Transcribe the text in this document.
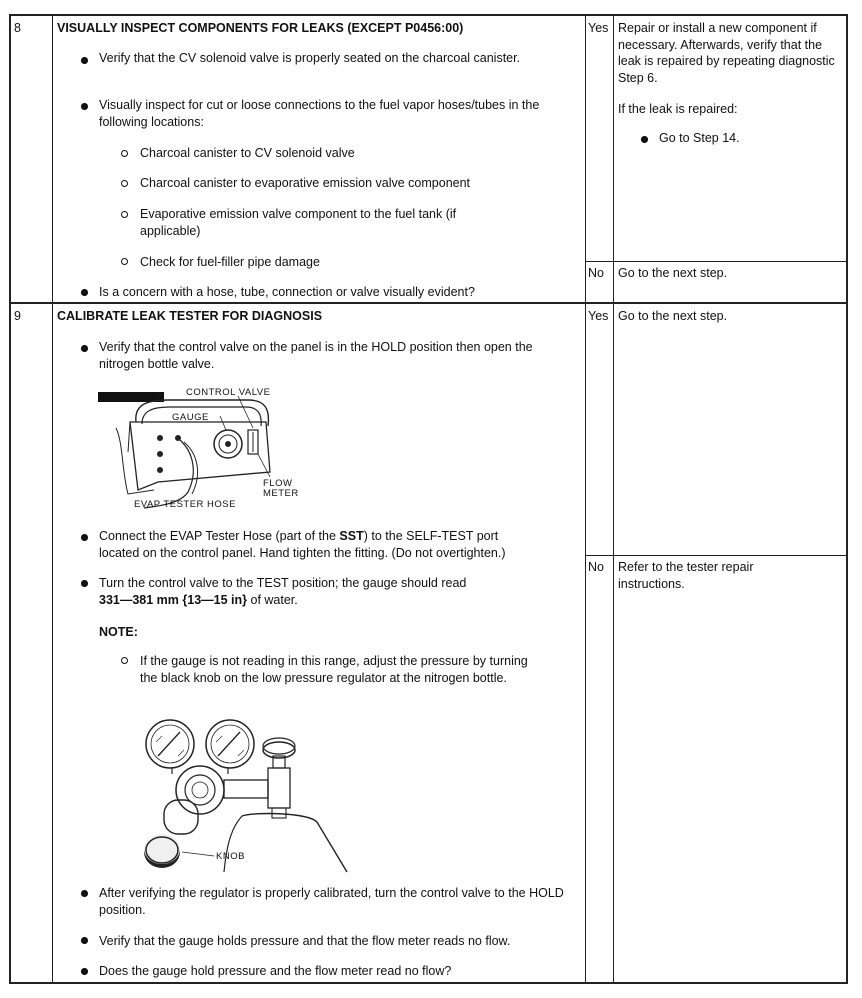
8	VISUALLY INSPECT COMPONENTS FOR LEAKS (EXCEPT P0456:00)
Verify that the CV solenoid valve is properly seated on the charcoal canister.
Visually inspect for cut or loose connections to the fuel vapor hoses/tubes in the following locations:
Charcoal canister to CV solenoid valve
Charcoal canister to evaporative emission valve component
Evaporative emission valve component to the fuel tank (if applicable)
Check for fuel-filler pipe damage
Is a concern with a hose, tube, connection or valve visually evident?
Yes Repair or install a new component if necessary. Afterwards, verify that the leak is repaired by repeating diagnostic Step 6.
If the leak is repaired:
Go to Step 14.
No Go to the next step.
9	CALIBRATE LEAK TESTER FOR DIAGNOSIS
Verify that the control valve on the panel is in the HOLD position then open the nitrogen bottle valve.
CONTROL VALVE
GAUGE
FLOW
METER
EVAP TESTER HOSE
Connect the EVAP Tester Hose (part of the SST) to the SELF-TEST port
located on the control panel. Hand tighten the fitting. (Do not overtighten.)
Turn the control valve to the TEST position; the gauge should read
331—381 mm {13—15 in} of water.
NOTE:
If the gauge is not reading in this range, adjust the pressure by turning the black knob on the low pressure regulator at the nitrogen bottle.
KNOB
After verifying the regulator is properly calibrated, turn the control valve to the HOLD position.
Verify that the gauge holds pressure and that the flow meter reads no flow.
Does the gauge hold pressure and the flow meter read no flow?
Yes Go to the next step.
No Refer to the tester repair instructions.
